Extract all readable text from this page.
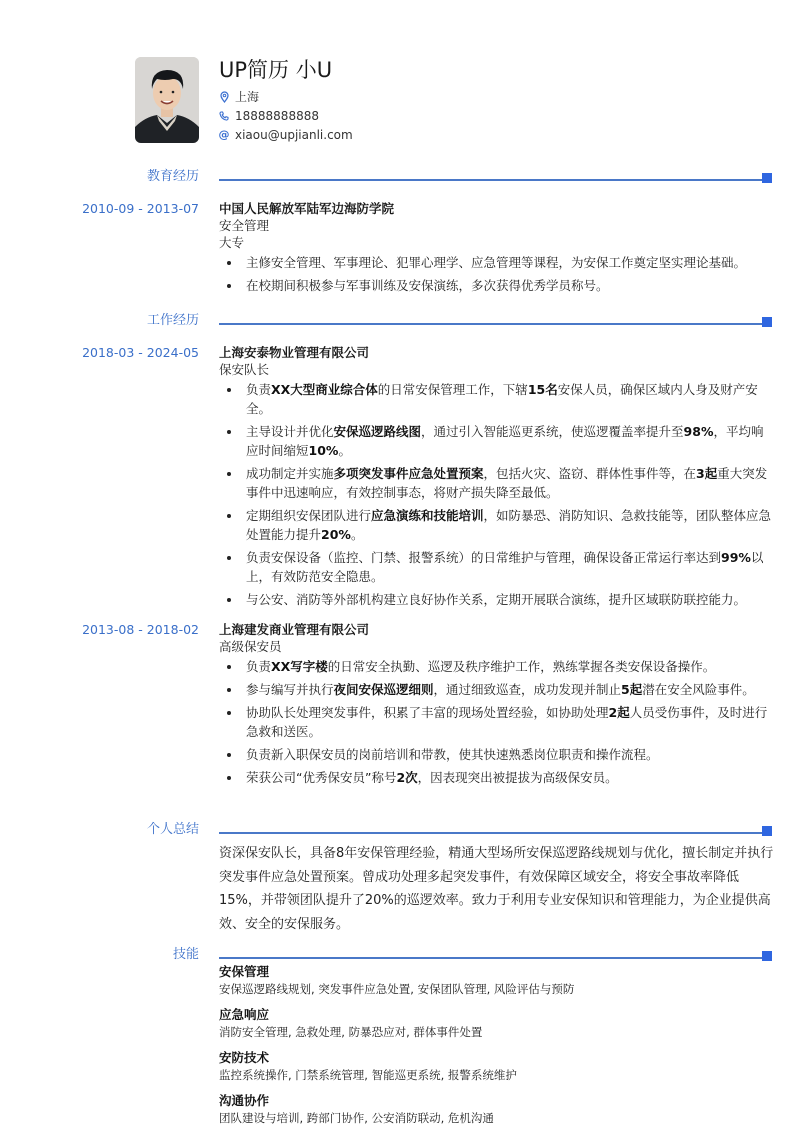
UP简历 小U
上海
18888888888
@ xiaou@upjianli.com
教育经历
2010-09 - 2013-07 中国人民解放军陆军边海防学院
安全管理
大专
主修安全管理、军事理论、犯罪心理学、应急管理等课程，为安保工作奠定坚实理论基础。
在校期间积极参与军事训练及安保演练，多次获得优秀学员称号。
工作经历
2018-03 - 2024-05 上海安泰物业管理有限公司
保安队长
负责XX大型商业综合体的日常安保管理工作，下辖15名安保人员，确保区域内人身及财产安全。
主导设计并优化安保巡逻路线图，通过引入智能巡更系统，使巡逻覆盖率提升至98%，平均响应时间缩短10%。
成功制定并实施多项突发事件应急处置预案，包括火灾、盗窃、群体性事件等，在3起重大突发事件中迅速响应，有效控制事态，将财产损失降至最低。
定期组织安保团队进行应急演练和技能培训，如防暴恐、消防知识、急救技能等，团队整体应急处置能力提升20%。
负责安保设备（监控、门禁、报警系统）的日常维护与管理，确保设备正常运行率达到99%以上，有效防范安全隐患。
与公安、消防等外部机构建立良好协作关系，定期开展联合演练，提升区域联防联控能力。
2013-08 - 2018-02 上海建发商业管理有限公司
高级保安员
负责XX写字楼的日常安全执勤、巡逻及秩序维护工作，熟练掌握各类安保设备操作。
参与编写并执行夜间安保巡逻细则，通过细致巡查，成功发现并制止5起潜在安全风险事件。
协助队长处理突发事件，积累了丰富的现场处置经验，如协助处理2起人员受伤事件，及时进行急救和送医。
负责新入职保安员的岗前培训和带教，使其快速熟悉岗位职责和操作流程。
荣获公司“优秀保安员”称号2次，因表现突出被提拔为高级保安员。
个人总结
资深保安队长，具备8年安保管理经验，精通大型场所安保巡逻路线规划与优化，擅长制定并执行突发事件应急处置预案。曾成功处理多起突发事件，有效保障区域安全，将安全事故率降低15%，并带领团队提升了20%的巡逻效率。致力于利用专业安保知识和管理能力，为企业提供高效、安全的安保服务。
技能
安保管理
安保巡逻路线规划, 突发事件应急处置, 安保团队管理, 风险评估与预防
应急响应
消防安全管理, 急救处理, 防暴恐应对, 群体事件处置
安防技术
监控系统操作, 门禁系统管理, 智能巡更系统, 报警系统维护
沟通协作
团队建设与培训, 跨部门协作, 公安消防联动, 危机沟通
